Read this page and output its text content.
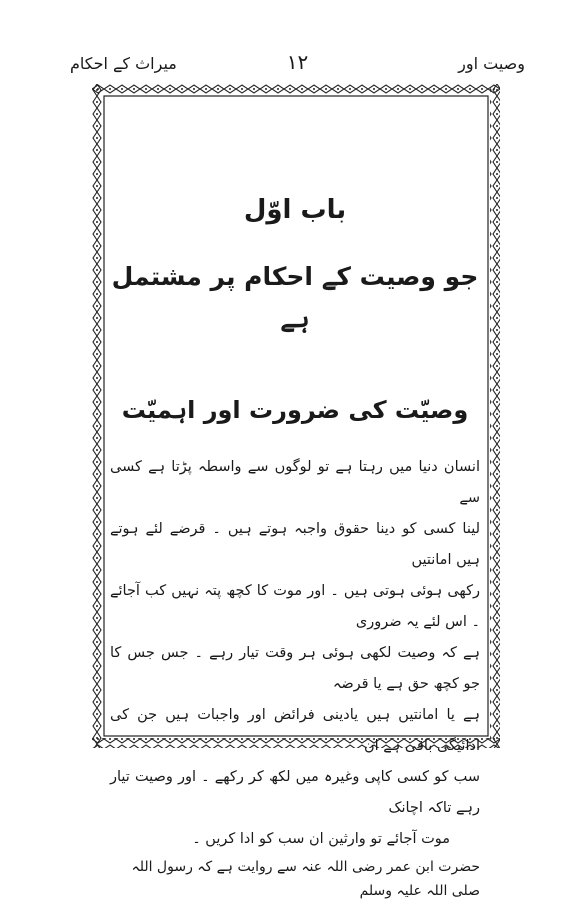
وصیت اور
۱۲
میراث کے احکام
باب اوّل
جو وصیت کے احکام پر مشتمل ہے
وصیّت کی ضرورت اور اہمیّت

انسان دنیا میں رہتا ہے تو لوگوں سے واسطہ پڑتا ہے کسی سے

لینا کسی کو دینا حقوق واجبہ ہوتے ہیں ۔ قرضے لئے ہوتے ہیں امانتیں

رکھی ہوئی ہوتی ہیں ۔ اور موت کا کچھ پتہ نہیں کب آجائے ۔ اس لئے یہ ضروری

ہے کہ وصیت لکھی ہوئی ہر وقت تیار رہے ۔ جس جس کا جو کچھ حق ہے یا قرضہ

ہے یا امانتیں ہیں یادینی فرائض اور واجبات ہیں جن کی ادائیگی باقی ہے ان

سب کو کسی کاپی وغیرہ میں لکھ کر رکھے ۔ اور وصیت تیار رہے تاکہ اچانک

موت آجائے تو وارثین ان سب کو ادا کریں ۔

حضرت ابن عمر رضی اللہ عنہ سے روایت ہے کہ رسول اللہ صلی اللہ علیہ وسلم
